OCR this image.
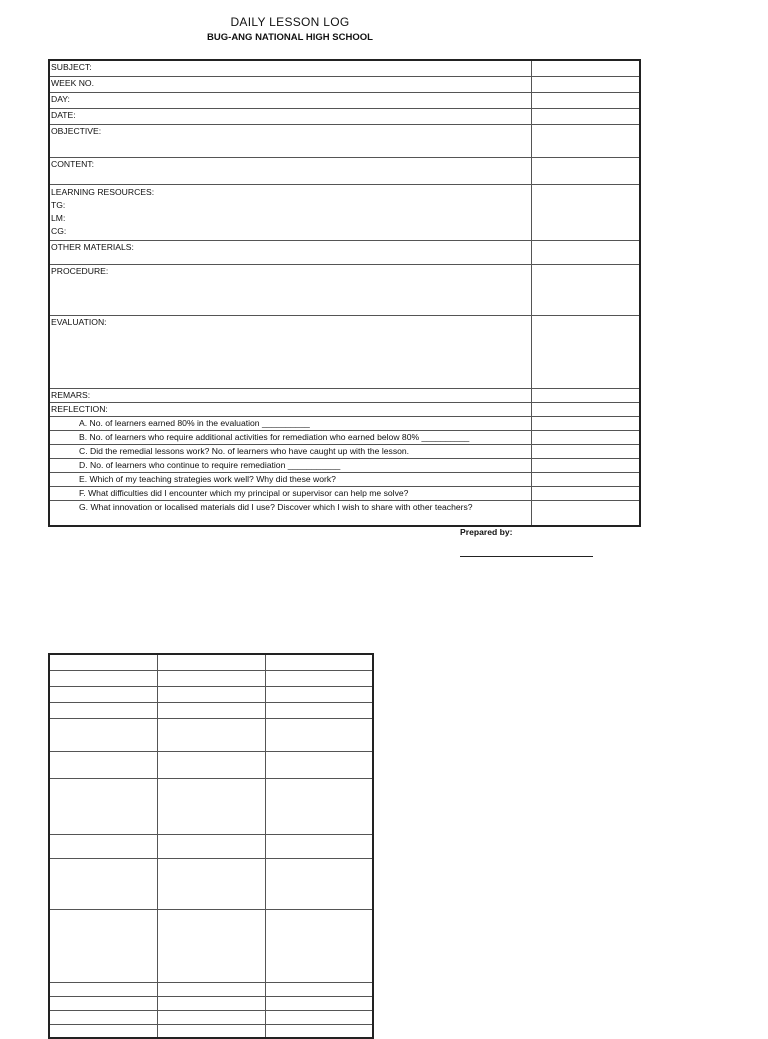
DAILY LESSON LOG
BUG-ANG NATIONAL HIGH SCHOOL
SUBJECT:	
WEEK NO.	
DAY:	
DATE:	
OBJECTIVE:	
CONTENT:	

LEARNING RESOURCES:
TG:
LM:
CG:	

OTHER MATERIALS:	
PROCEDURE:	
EVALUATION:	
REMARS:	
REFLECTION:	
A. No. of learners earned 80% in the evaluation __________	
B. No. of learners who require additional activities for remediation who earned below 80% __________	
C. Did the remedial lessons work? No. of learners who have caught up with the lesson.	
D. No. of learners who continue to require remediation ___________	
E. Which of my teaching strategies work well? Why did these work?	
F. What difficulties did I encounter which my principal or supervisor can help me solve?	
G. What innovation or localised materials did I use? Discover which I wish to share with other teachers?	
Prepared by:
